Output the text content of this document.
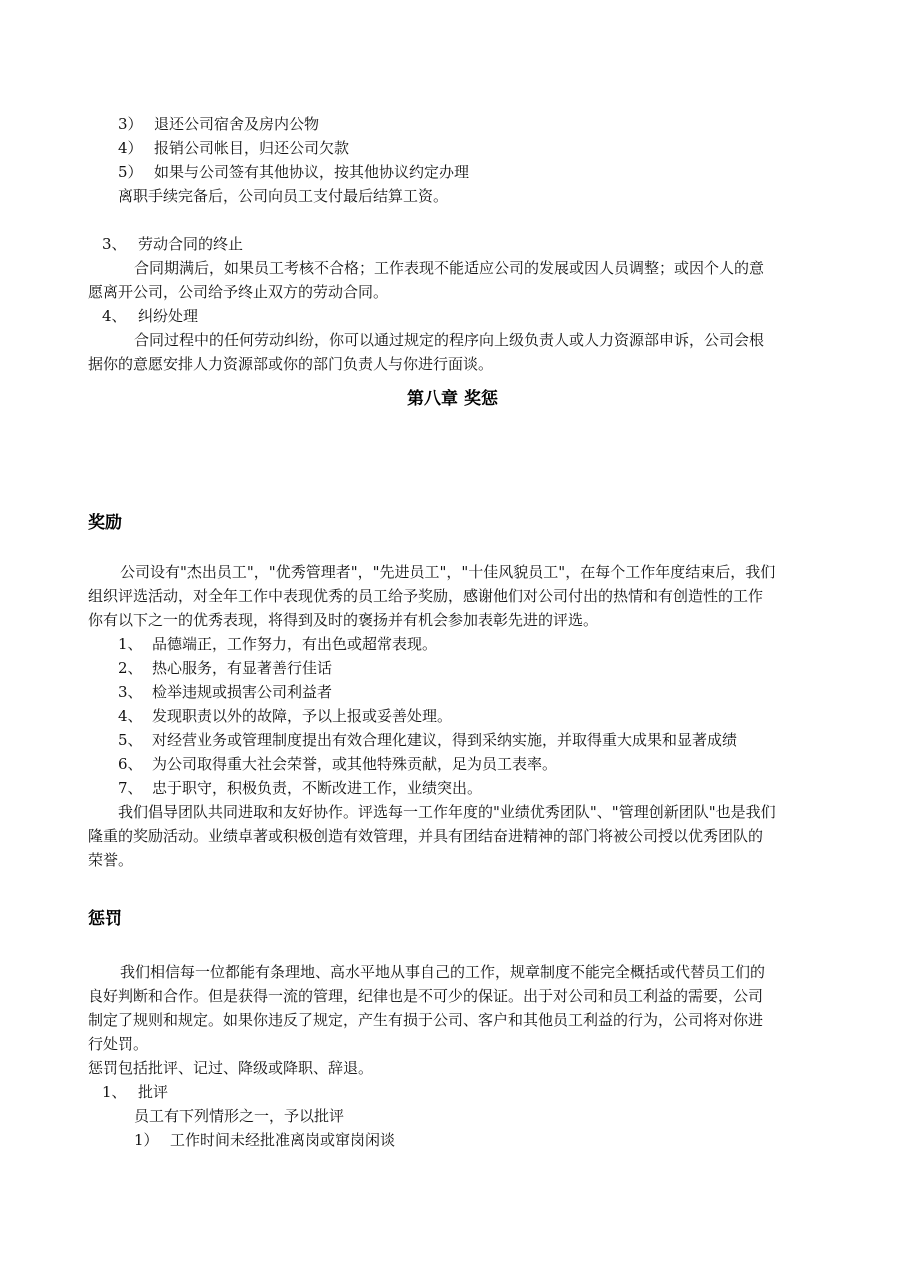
3） 退还公司宿舍及房内公物
4） 报销公司帐目，归还公司欠款
5） 如果与公司签有其他协议，按其他协议约定办理
离职手续完备后，公司向员工支付最后结算工资。
3、 劳动合同的终止
合同期满后，如果员工考核不合格；工作表现不能适应公司的发展或因人员调整；或因个人的意
愿离开公司，公司给予终止双方的劳动合同。
4、 纠纷处理
合同过程中的任何劳动纠纷，你可以通过规定的程序向上级负责人或人力资源部申诉，公司会根
据你的意愿安排人力资源部或你的部门负责人与你进行面谈。
第八章 奖惩
奖励
公司设有"杰出员工"，"优秀管理者"，"先进员工"，"十佳风貌员工"，在每个工作年度结束后，我们
组织评选活动，对全年工作中表现优秀的员工给予奖励，感谢他们对公司付出的热情和有创造性的工作
你有以下之一的优秀表现，将得到及时的褒扬并有机会参加表彰先进的评选。
1、 品德端正，工作努力，有出色或超常表现。
2、 热心服务，有显著善行佳话
3、 检举违规或损害公司利益者
4、 发现职责以外的故障，予以上报或妥善处理。
5、 对经营业务或管理制度提出有效合理化建议，得到采纳实施，并取得重大成果和显著成绩
6、 为公司取得重大社会荣誉，或其他特殊贡献，足为员工表率。
7、 忠于职守，积极负责，不断改进工作，业绩突出。
我们倡导团队共同进取和友好协作。评选每一工作年度的"业绩优秀团队"、"管理创新团队"也是我们
隆重的奖励活动。业绩卓著或积极创造有效管理，并具有团结奋进精神的部门将被公司授以优秀团队的
荣誉。
惩罚
我们相信每一位都能有条理地、高水平地从事自己的工作，规章制度不能完全概括或代替员工们的
良好判断和合作。但是获得一流的管理，纪律也是不可少的保证。出于对公司和员工利益的需要，公司
制定了规则和规定。如果你违反了规定，产生有损于公司、客户和其他员工利益的行为，公司将对你进
行处罚。
惩罚包括批评、记过、降级或降职、辞退。
1、 批评
员工有下列情形之一，予以批评
1） 工作时间未经批准离岗或窜岗闲谈
